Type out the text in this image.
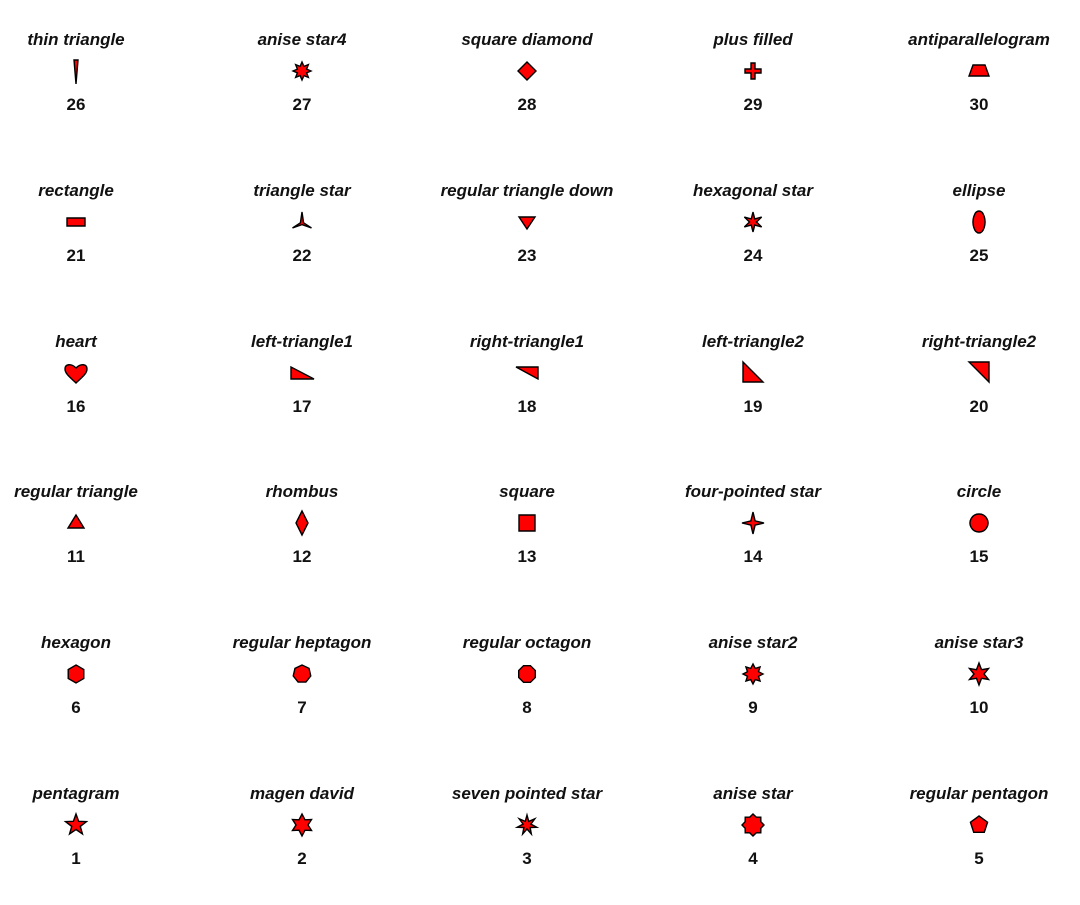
thin triangle
26
anise star4
27
square diamond
28
plus filled
29
antiparallelogram
30
rectangle
21
triangle star
22
regular triangle down
23
hexagonal star
24
ellipse
25
heart
16
left-triangle1
17
right-triangle1
18
left-triangle2
19
right-triangle2
20
regular triangle
11
rhombus
12
square
13
four-pointed star
14
circle
15
hexagon
6
regular heptagon
7
regular octagon
8
anise star2
9
anise star3
10
pentagram
1
magen david
2
seven pointed star
3
anise star
4
regular pentagon
5
